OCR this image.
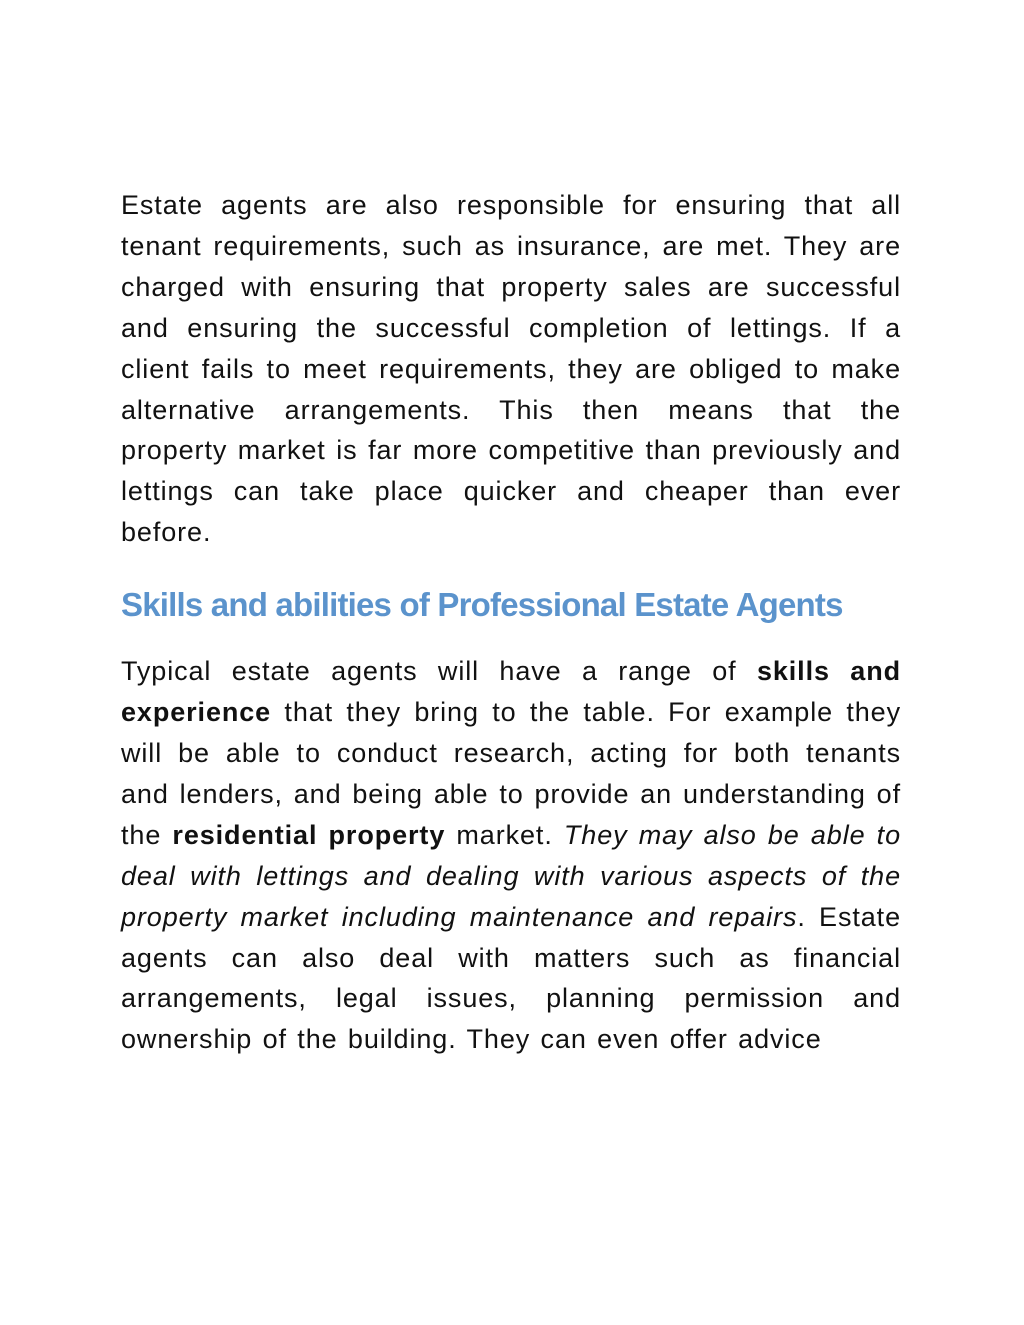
Estate agents are also responsible for ensuring that all tenant requirements, such as insurance, are met. They are charged with ensuring that property sales are successful and ensuring the successful completion of lettings. If a client fails to meet requirements, they are obliged to make alternative arrangements. This then means that the property market is far more competitive than previously and lettings can take place quicker and cheaper than ever before.

Skills and abilities of Professional Estate Agents

Typical estate agents will have a range of skills and experience that they bring to the table. For example they will be able to conduct research, acting for both tenants and lenders, and being able to provide an understanding of the residential property market. They may also be able to deal with lettings and dealing with various aspects of the property market including maintenance and repairs. Estate agents can also deal with matters such as financial arrangements, legal issues, planning permission and ownership of the building. They can even offer advice
